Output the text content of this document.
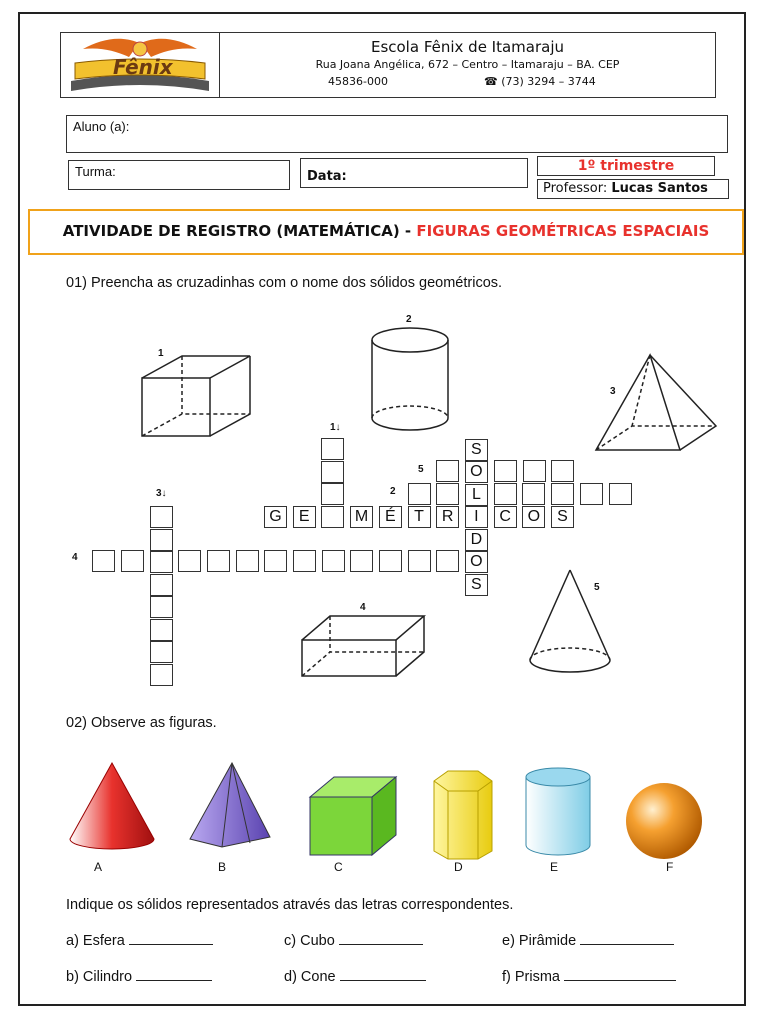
Fênix
Escola Fênix de Itamaraju
Rua Joana Angélica, 672 – Centro – Itamaraju – BA. CEP
45836-000	☎ (73) 3294 – 3744
Aluno (a):
Turma:	Data:
1º trimestre
Professor: Lucas Santos
ATIVIDADE DE REGISTRO (MATEMÁTICA) - FIGURAS GEOMÉTRICAS ESPACIAIS
01) Preencha as cruzadinhas com o nome dos sólidos geométricos.
1
2
3
4
5
1↓
2
3↓
4
5
G	E	M	É	T	R	I	C	O	S
S
O
L
D
O
S
02) Observe as figuras.
A	B	C	D	E	F
Indique os sólidos representados através das letras correspondentes.
a) Esfera
b) Cilindro
c) Cubo
d) Cone
e) Pirâmide
f) Prisma
